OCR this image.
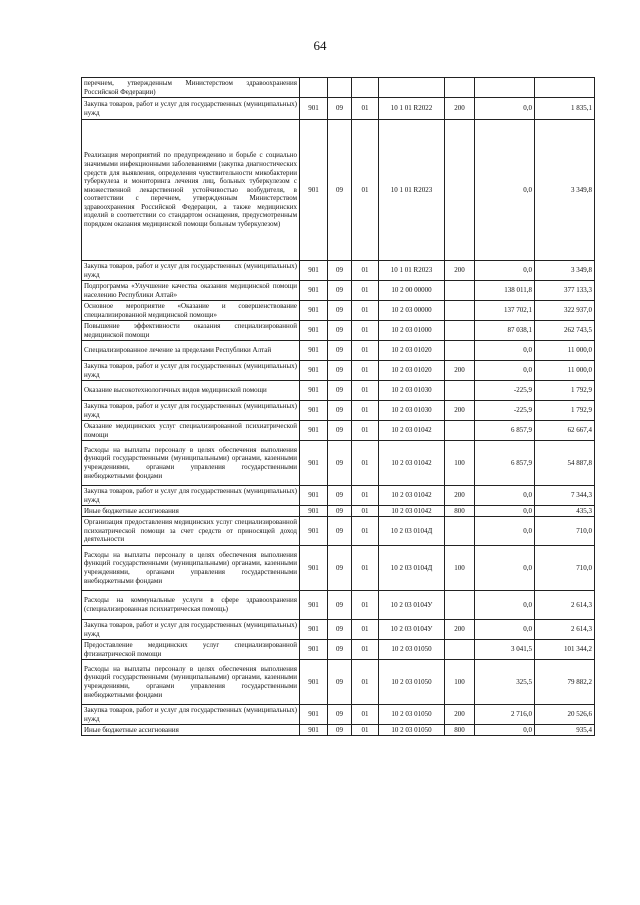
64
перечнем, утвержденным Министерством здравоохранения Российской Федерации)							
Закупка товаров, работ и услуг для государственных (муниципальных) нужд	901	09	01	10 1 01 R2022	200	0,0	1 835,1
Реализация мероприятий по предупреждению и борьбе с социально значимыми инфекционными заболеваниями (закупка диагностических средств для выявления, определения чувствительности микобактерии туберкулеза и мониторинга лечения лиц, больных туберкулезом с множественной лекарственной устойчивостью возбудителя, в соответствии с перечнем, утвержденным Министерством здравоохранения Российской Федерации, а также медицинских изделий в соответствии со стандартом оснащения, предусмотренным порядком оказания медицинской помощи больным туберкулезом)	901	09	01	10 1 01 R2023		0,0	3 349,8
Закупка товаров, работ и услуг для государственных (муниципальных) нужд	901	09	01	10 1 01 R2023	200	0,0	3 349,8
Подпрограмма «Улучшение качества оказания медицинской помощи населению Республики Алтай»	901	09	01	10 2 00 00000		138 011,8	377 133,3
Основное мероприятие «Оказание и совершенствование специализированной медицинской помощи»	901	09	01	10 2 03 00000		137 702,1	322 937,0
Повышение эффективности оказания специализированной медицинской помощи	901	09	01	10 2 03 01000		87 038,1	262 743,5
Специализированное лечение за пределами Республики Алтай	901	09	01	10 2 03 01020		0,0	11 000,0
Закупка товаров, работ и услуг для государственных (муниципальных) нужд	901	09	01	10 2 03 01020	200	0,0	11 000,0
Оказание высокотехнологичных видов медицинской помощи	901	09	01	10 2 03 01030		-225,9	1 792,9
Закупка товаров, работ и услуг для государственных (муниципальных) нужд	901	09	01	10 2 03 01030	200	-225,9	1 792,9
Оказание медицинских услуг специализированной психиатрической помощи	901	09	01	10 2 03 01042		6 857,9	62 667,4
Расходы на выплаты персоналу в целях обеспечения выполнения функций государственными (муниципальными) органами, казенными учреждениями, органами управления государственными внебюджетными фондами	901	09	01	10 2 03 01042	100	6 857,9	54 887,8
Закупка товаров, работ и услуг для государственных (муниципальных) нужд	901	09	01	10 2 03 01042	200	0,0	7 344,3
Иные бюджетные ассигнования	901	09	01	10 2 03 01042	800	0,0	435,3
Организация предоставления медицинских услуг специализированной психиатрической помощи за счет средств от приносящей доход деятельности	901	09	01	10 2 03 0104Д		0,0	710,0
Расходы на выплаты персоналу в целях обеспечения выполнения функций государственными (муниципальными) органами, казенными учреждениями, органами управления государственными внебюджетными фондами	901	09	01	10 2 03 0104Д	100	0,0	710,0
Расходы на коммунальные услуги в сфере здравоохранения (специализированная психиатрическая помощь)	901	09	01	10 2 03 0104У		0,0	2 614,3
Закупка товаров, работ и услуг для государственных (муниципальных) нужд	901	09	01	10 2 03 0104У	200	0,0	2 614,3
Предоставление медицинских услуг специализированной фтизиатрической помощи	901	09	01	10 2 03 01050		3 041,5	101 344,2
Расходы на выплаты персоналу в целях обеспечения выполнения функций государственными (муниципальными) органами, казенными учреждениями, органами управления государственными внебюджетными фондами	901	09	01	10 2 03 01050	100	325,5	79 882,2
Закупка товаров, работ и услуг для государственных (муниципальных) нужд	901	09	01	10 2 03 01050	200	2 716,0	20 526,6
Иные бюджетные ассигнования	901	09	01	10 2 03 01050	800	0,0	935,4
